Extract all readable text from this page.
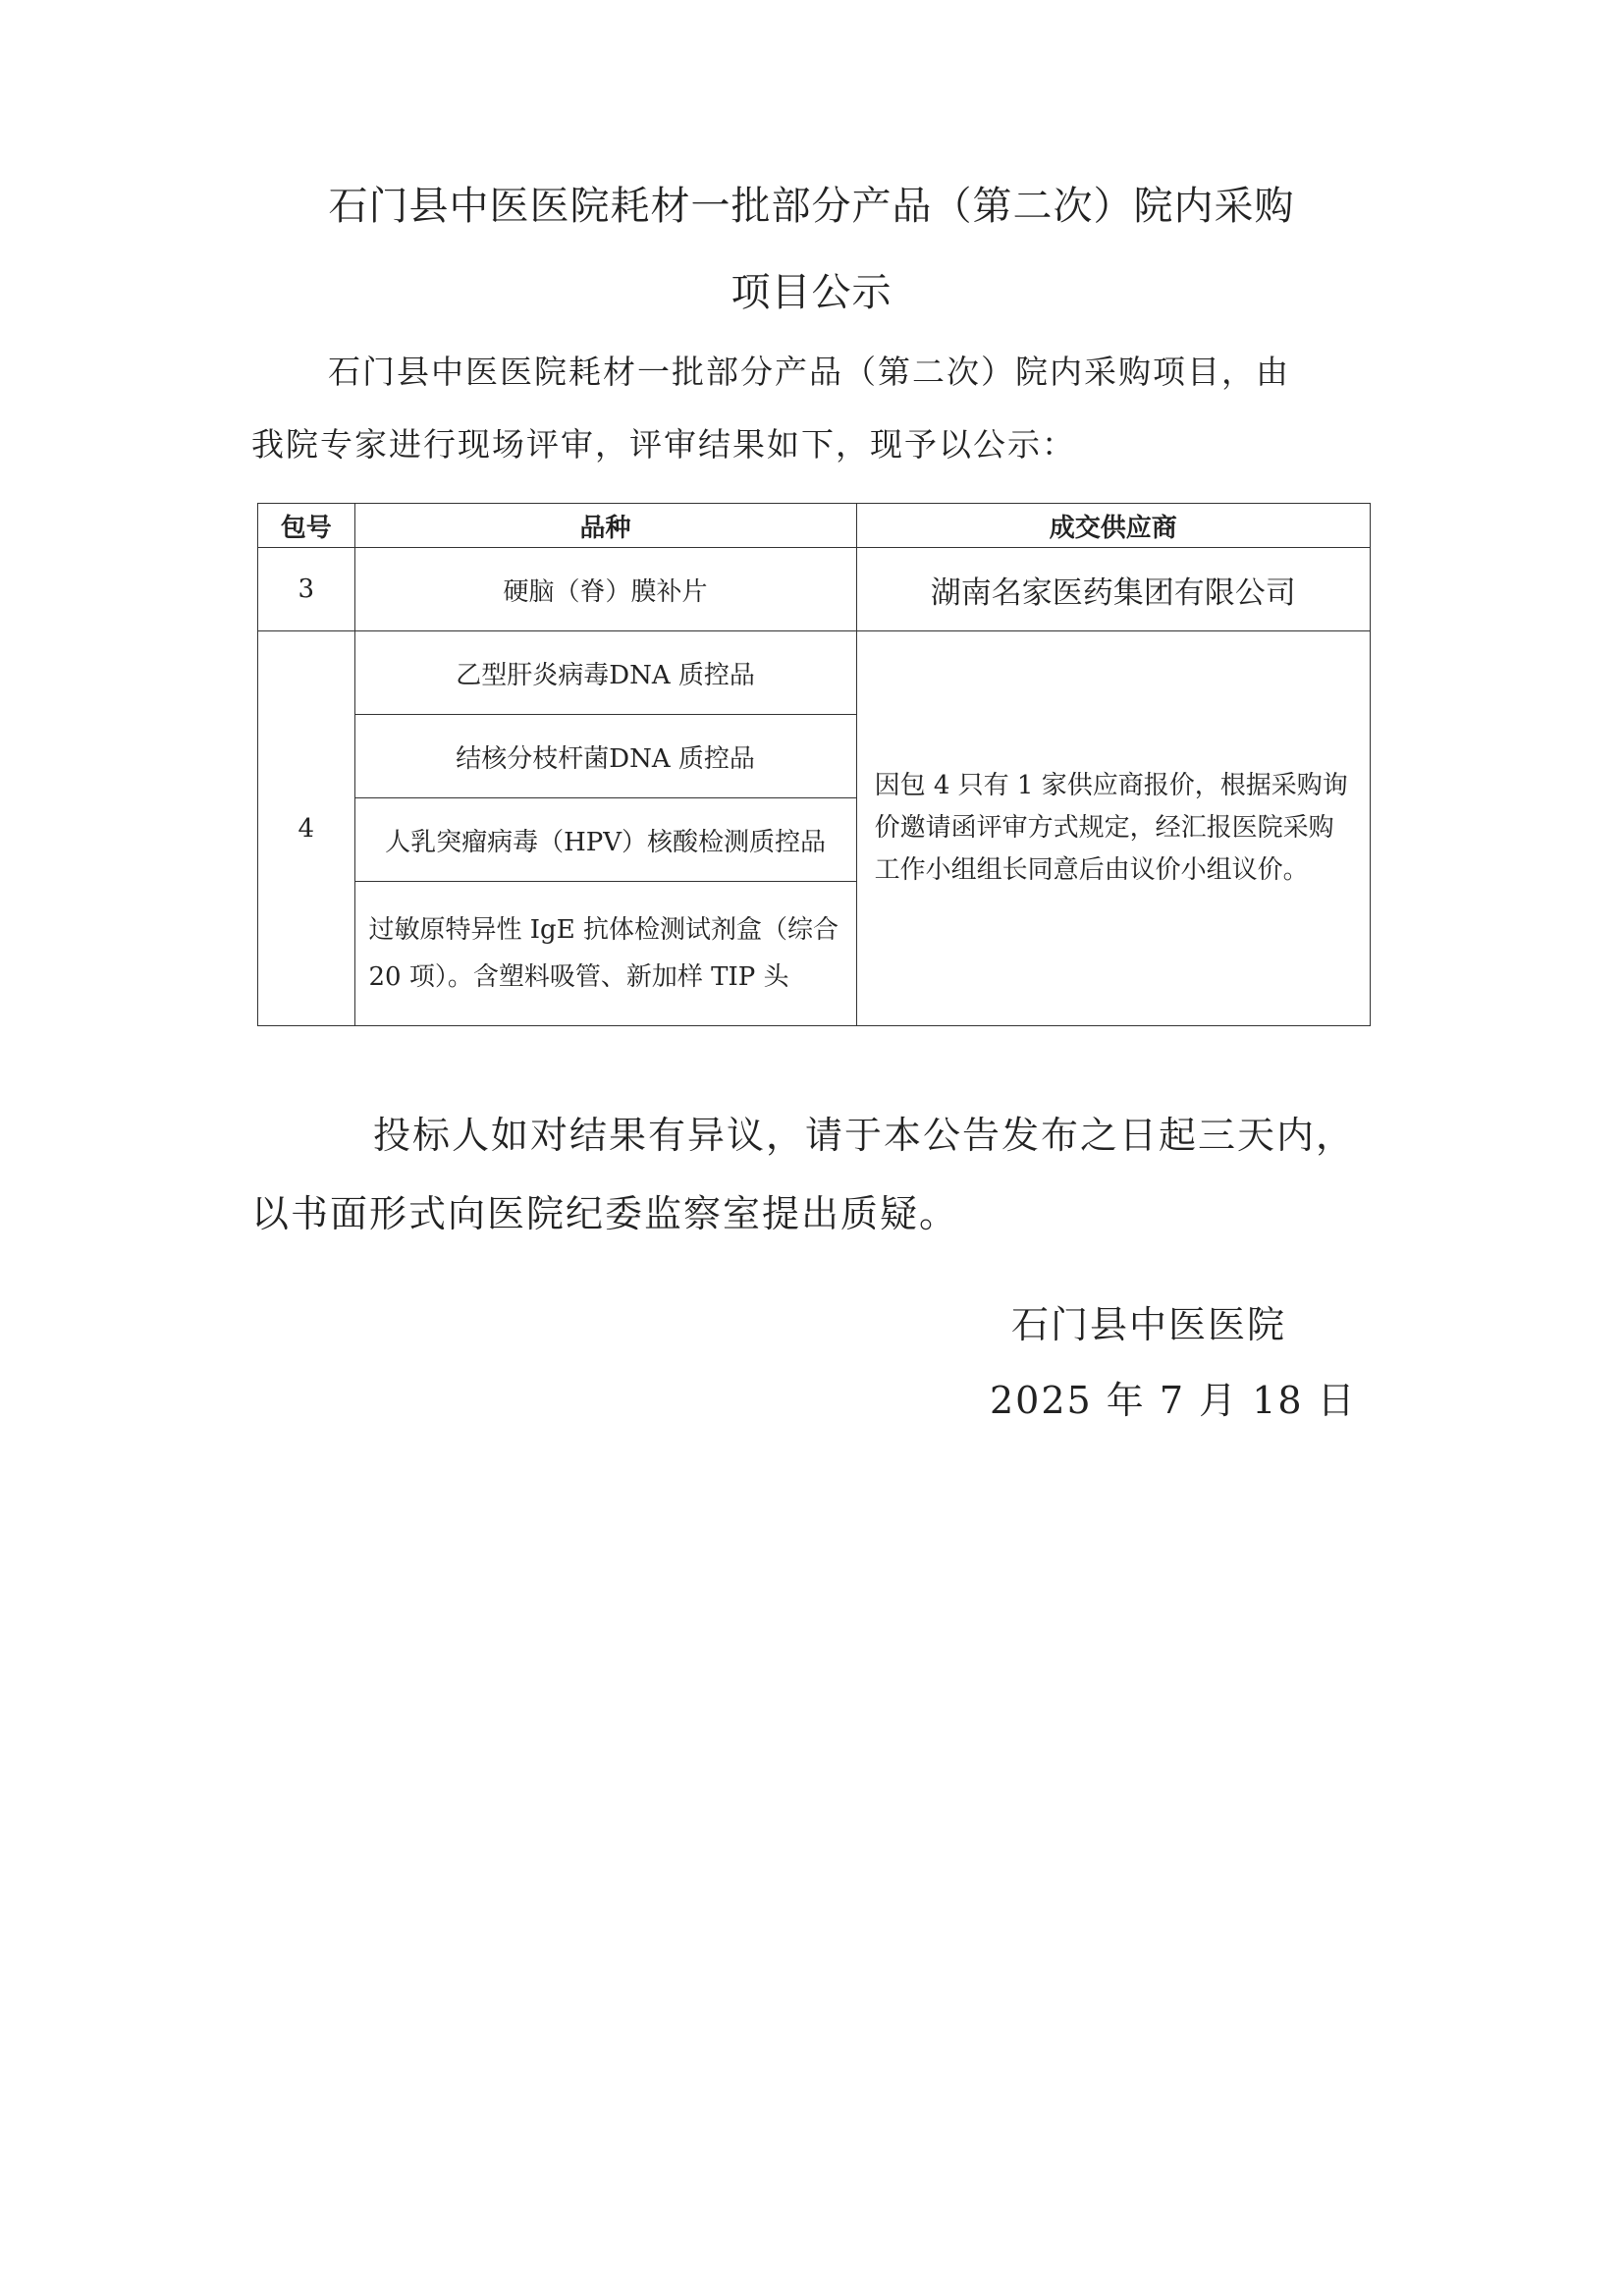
石门县中医医院耗材一批部分产品（第二次）院内采购
项目公示
石门县中医医院耗材一批部分产品（第二次）院内采购项目，由
我院专家进行现场评审，评审结果如下，现予以公示：
包号	品种	成交供应商
3	硬脑（脊）膜补片	湖南名家医药集团有限公司
4	乙型肝炎病毒DNA 质控品	因包 4 只有 1 家供应商报价，根据采购询价邀请函评审方式规定，经汇报医院采购工作小组组长同意后由议价小组议价。
	结核分枝杆菌DNA 质控品	
	人乳突瘤病毒（HPV）核酸检测质控品	
	过敏原特异性 IgE 抗体检测试剂盒（综合 20 项）。含塑料吸管、新加样 TIP 头	
投标人如对结果有异议，请于本公告发布之日起三天内，
以书面形式向医院纪委监察室提出质疑。
石门县中医医院
2025 年 7 月 18 日
